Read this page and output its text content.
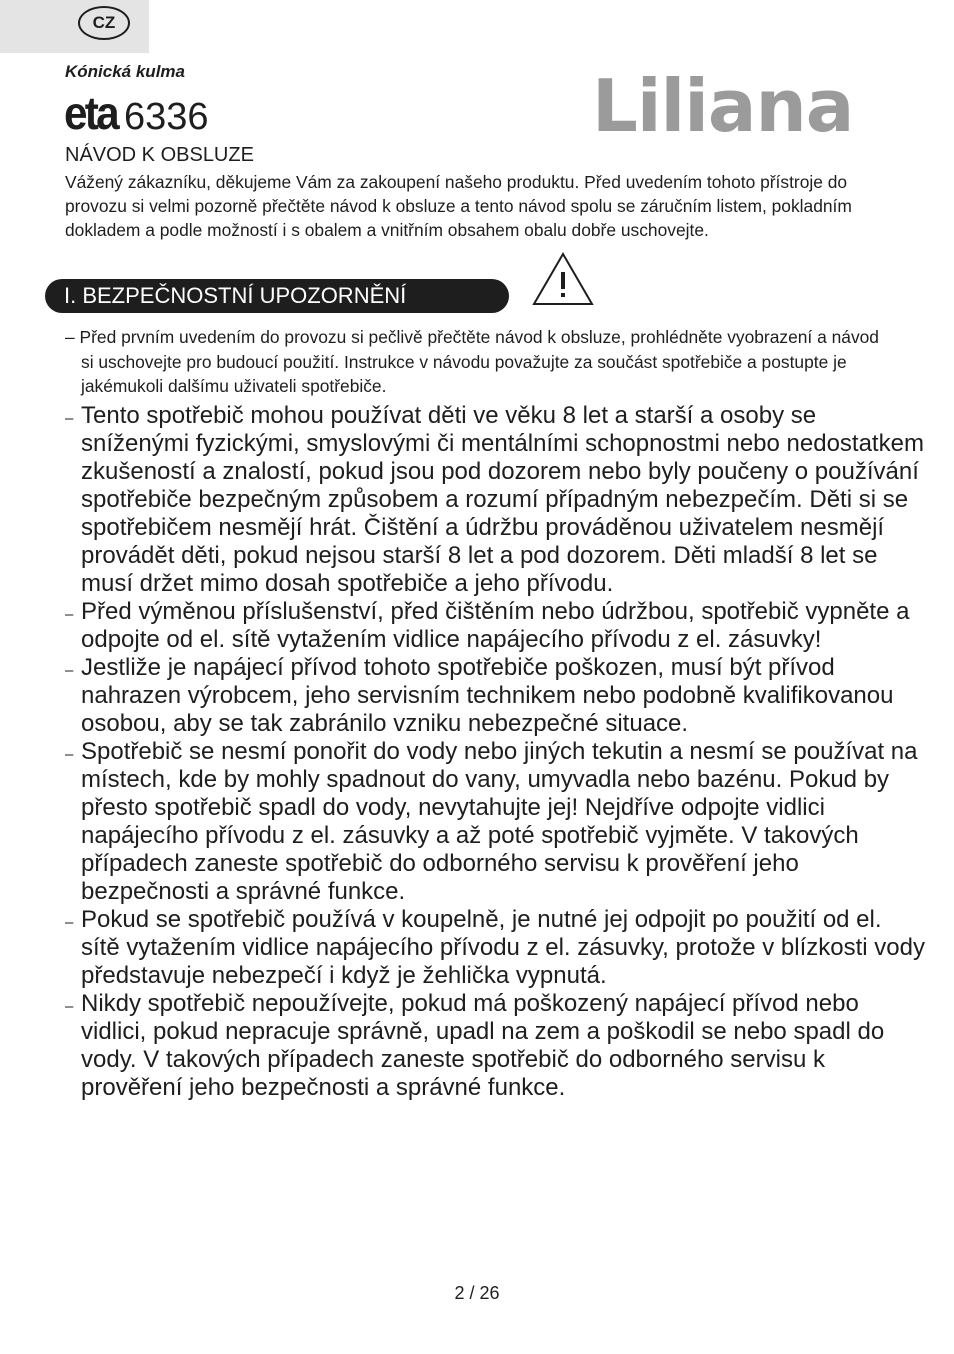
CZ
Kónická kulma
eta 6336	Liliana
NÁVOD K OBSLUZE
Vážený zákazníku, děkujeme Vám za zakoupení našeho produktu. Před uvedením tohoto přístroje do provozu si velmi pozorně přečtěte návod k obsluze a tento návod spolu se záručním listem, pokladním dokladem a podle možností i s obalem a vnitřním obsahem obalu dobře uschovejte.
I. BEZPEČNOSTNÍ UPOZORNĚNÍ
– Před prvním uvedením do provozu si pečlivě přečtěte návod k obsluze, prohlédněte vyobrazení a návod si uschovejte pro budoucí použití. Instrukce v návodu považujte za součást spotřebiče a postupte je jakémukoli dalšímu uživateli spotřebiče.
– Tento spotřebič mohou používat děti ve věku 8 let a starší a osoby se sníženými fyzickými, smyslovými či mentálními schopnostmi nebo nedostatkem zkušeností a znalostí, pokud jsou pod dozorem nebo byly poučeny o používání spotřebiče bezpečným způsobem a rozumí případným nebezpečím. Děti si se spotřebičem nesmějí hrát. Čištění a údržbu prováděnou uživatelem nesmějí provádět děti, pokud nejsou starší 8 let a pod dozorem. Děti mladší 8 let se musí držet mimo dosah spotřebiče a jeho přívodu.
– Před výměnou příslušenství, před čištěním nebo údržbou, spotřebič vypněte a odpojte od el. sítě vytažením vidlice napájecího přívodu z el. zásuvky!
– Jestliže je napájecí přívod tohoto spotřebiče poškozen, musí být přívod nahrazen výrobcem, jeho servisním technikem nebo podobně kvalifikovanou osobou, aby se tak zabránilo vzniku nebezpečné situace.
– Spotřebič se nesmí ponořit do vody nebo jiných tekutin a nesmí se používat na místech, kde by mohly spadnout do vany, umyvadla nebo bazénu. Pokud by přesto spotřebič spadl do vody, nevytahujte jej! Nejdříve odpojte vidlici napájecího přívodu z el. zásuvky a až poté spotřebič vyjměte. V takových případech zaneste spotřebič do odborného servisu k prověření jeho bezpečnosti a správné funkce.
– Pokud se spotřebič používá v koupelně, je nutné jej odpojit po použití od el. sítě vytažením vidlice napájecího přívodu z el. zásuvky, protože v blízkosti vody představuje nebezpečí i když je žehlička vypnutá.
– Nikdy spotřebič nepoužívejte, pokud má poškozený napájecí přívod nebo vidlici, pokud nepracuje správně, upadl na zem a poškodil se nebo spadl do vody. V takových případech zaneste spotřebič do odborného servisu k prověření jeho bezpečnosti a správné funkce.
2 / 26
